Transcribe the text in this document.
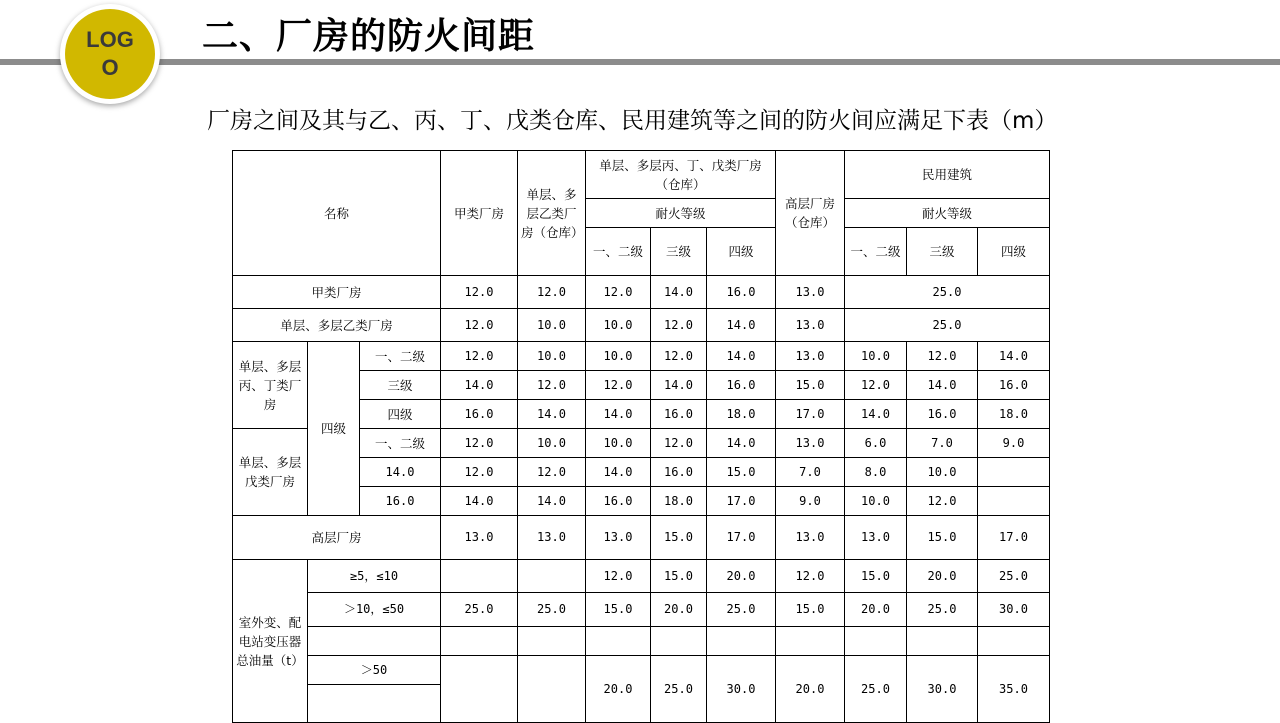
LOGO
二、厂房的防火间距

厂房之间及其与乙、丙、丁、戊类仓库、民用建筑等之间的防火间应满足下表（m）

名称			甲类厂房	单层、多层乙类厂房（仓库）	单层、多层丙、丁、戊类厂房（仓库）			高层厂房（仓库）	民用建筑		
					耐火等级				耐火等级		
					一、二级	三级	四级		一、二级	三级	四级
甲类厂房			12.0	12.0	12.0	14.0	16.0	13.0	25.0		
单层、多层乙类厂房			12.0	10.0	10.0	12.0	14.0	13.0	25.0		
单层、多层丙、丁类厂房	四级	一、二级	12.0	10.0	10.0	12.0	14.0	13.0	10.0	12.0	14.0
		三级	14.0	12.0	12.0	14.0	16.0	15.0	12.0	14.0	16.0
		四级	16.0	14.0	14.0	16.0	18.0	17.0	14.0	16.0	18.0
单层、多层戊类厂房		一、二级	12.0	10.0	10.0	12.0	14.0	13.0	6.0	7.0	9.0
		14.0	12.0	12.0	14.0	16.0	15.0	7.0	8.0	10.0	
		16.0	14.0	14.0	16.0	18.0	17.0	9.0	10.0	12.0	
高层厂房			13.0	13.0	13.0	15.0	17.0	13.0	13.0	15.0	17.0
室外变、配电站变压器
总油量（t）	≥5，≤10				12.0	15.0	20.0	12.0	15.0	20.0	25.0
	＞10，≤50		25.0	25.0	15.0	20.0	25.0	15.0	20.0	25.0	30.0

	＞50				20.0	25.0	30.0	20.0	25.0	30.0	35.0
